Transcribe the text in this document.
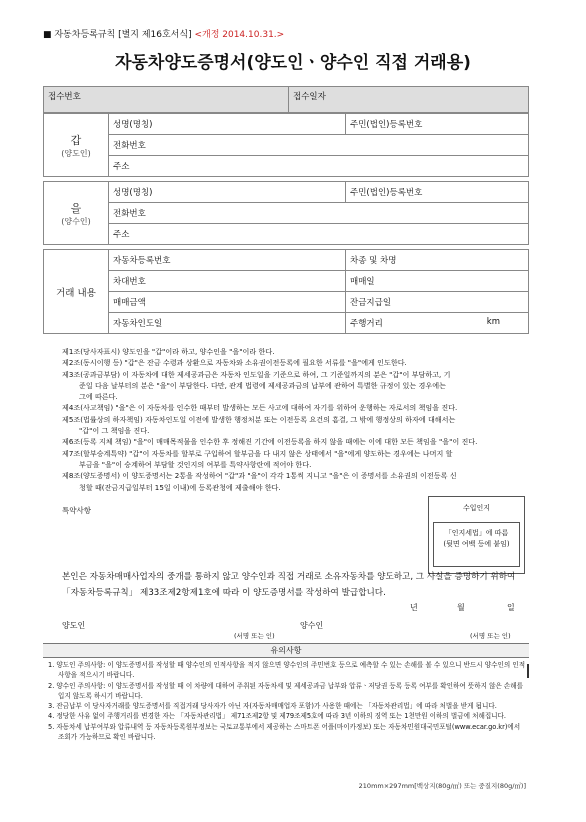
■ 자동차등록규칙 [별지 제16호서식] <개정 2014.10.31.>
자동차양도증명서(양도인ㆍ양수인 직접 거래용)
접수번호	접수일자
갑
(양도인)
	성명(명칭)	주민(법인)등록번호
전화번호
주소
을
(양수인)
	성명(명칭)	주민(법인)등록번호
전화번호
주소
거래 내용	자동차등록번호	차종 및 차명
	차대번호	매매일
	매매금액	잔금지급일
	자동차인도일	주행거리 km

제1조(당사자표시) 양도인을 "갑"이라 하고, 양수인을 "을"이라 한다.

제2조(동시이행 등) "갑"은 잔금 수령과 상환으로 자동차와 소유권이전등록에 필요한 서류를 "을"에게 인도한다.

제3조(공과금부담) 이 자동차에 대한 제세공과금은 자동차 인도일을 기준으로 하여, 그 기준일까지의 분은 "갑"이 부담하고, 기

준일 다음 날부터의 분은 "을"이 부담한다. 다만, 관계 법령에 제세공과금의 납부에 관하여 특별한 규정이 있는 경우에는

그에 따른다.

제4조(사고책임) "을"은 이 자동차를 인수한 때부터 발생하는 모든 사고에 대하여 자기를 위하여 운행하는 자로서의 책임을 진다.

제5조(법률상의 하자책임) 자동차인도일 이전에 발생한 행정처분 또는 이전등록 요건의 흠결, 그 밖에 행정상의 하자에 대해서는

"갑"이 그 책임을 진다.

제6조(등록 지체 책임) "을"이 매매목적물을 인수한 후 정해진 기간에 이전등록을 하지 않을 때에는 이에 대한 모든 책임을 "을"이 진다.

제7조(할부승계특약) "갑"이 자동차를 할부로 구입하여 할부금을 다 내지 않은 상태에서 "을"에게 양도하는 경우에는 나머지 할

부금을 "을"이 승계하여 부담할 것인지의 여부를 특약사항란에 적어야 한다.

제8조(양도증명서) 이 양도증명서는 2통을 작성하여 "갑"과 "을"이 각각 1통씩 지니고 "을"은 이 증명서를 소유권의 이전등록 신

청할 때(잔금지급일부터 15일 이내)에 등록관청에 제출해야 한다.

특약사항	수입인지
「인지세법」에 따름
(뒷면 여백 등에 붙임)
본인은 자동차매매사업자의 중개를 통하지 않고 양수인과 직접 거래로 소유자동차를 양도하고, 그 사실을 증명하기 위하여 「자동차등록규칙」 제33조제2항제1호에 따라 이 양도증명서를 작성하여 발급합니다.
년	월	일
양도인
(서명 또는 인)
양수인
(서명 또는 인)
유의사항

1. 양도인 주의사항: 이 양도증명서를 작성할 때 양수인의 인적사항을 적지 않으면 양수인의 주민번호 등으로 예측할 수 있는 손해를 볼 수 있으니 반드시 양수인의 인적사항을 적으시기 바랍니다.

2. 양수인 주의사항: 이 양도증명서를 작성할 때 이 차량에 대하여 주취된 자동차세 및 제세공과금 납부와 압류ㆍ저당권 등록 등록 여부를 확인하여 뜻하지 않은 손해를 입지 않도록 하시기 바랍니다.

3. 잔금납부 이 당사자거래를 양도증명서를 직접거래 당사자가 아닌 자(자동차매매업자 포함)가 사용한 때에는 「자동차관리법」에 따라 처벌을 받게 됩니다.

4. 정당한 사유 없이 주행거리를 변경한 자는 「자동차관리법」 제71조제2항 및 제79조제5호에 따라 3년 이하의 징역 또는 1천만원 이하의 벌금에 처해집니다.

5. 자동차세 납부여부와 압류내역 등 자동차등록원부정보는 국토교통부에서 제공하는 스마트폰 어플(마이카정보) 또는 자동차민원대국민포털(www.ecar.go.kr)에서 조회가 가능하므로 확인 바랍니다.

210mm×297mm[백상지(80g/㎡) 또는 중질지(80g/㎡)]
